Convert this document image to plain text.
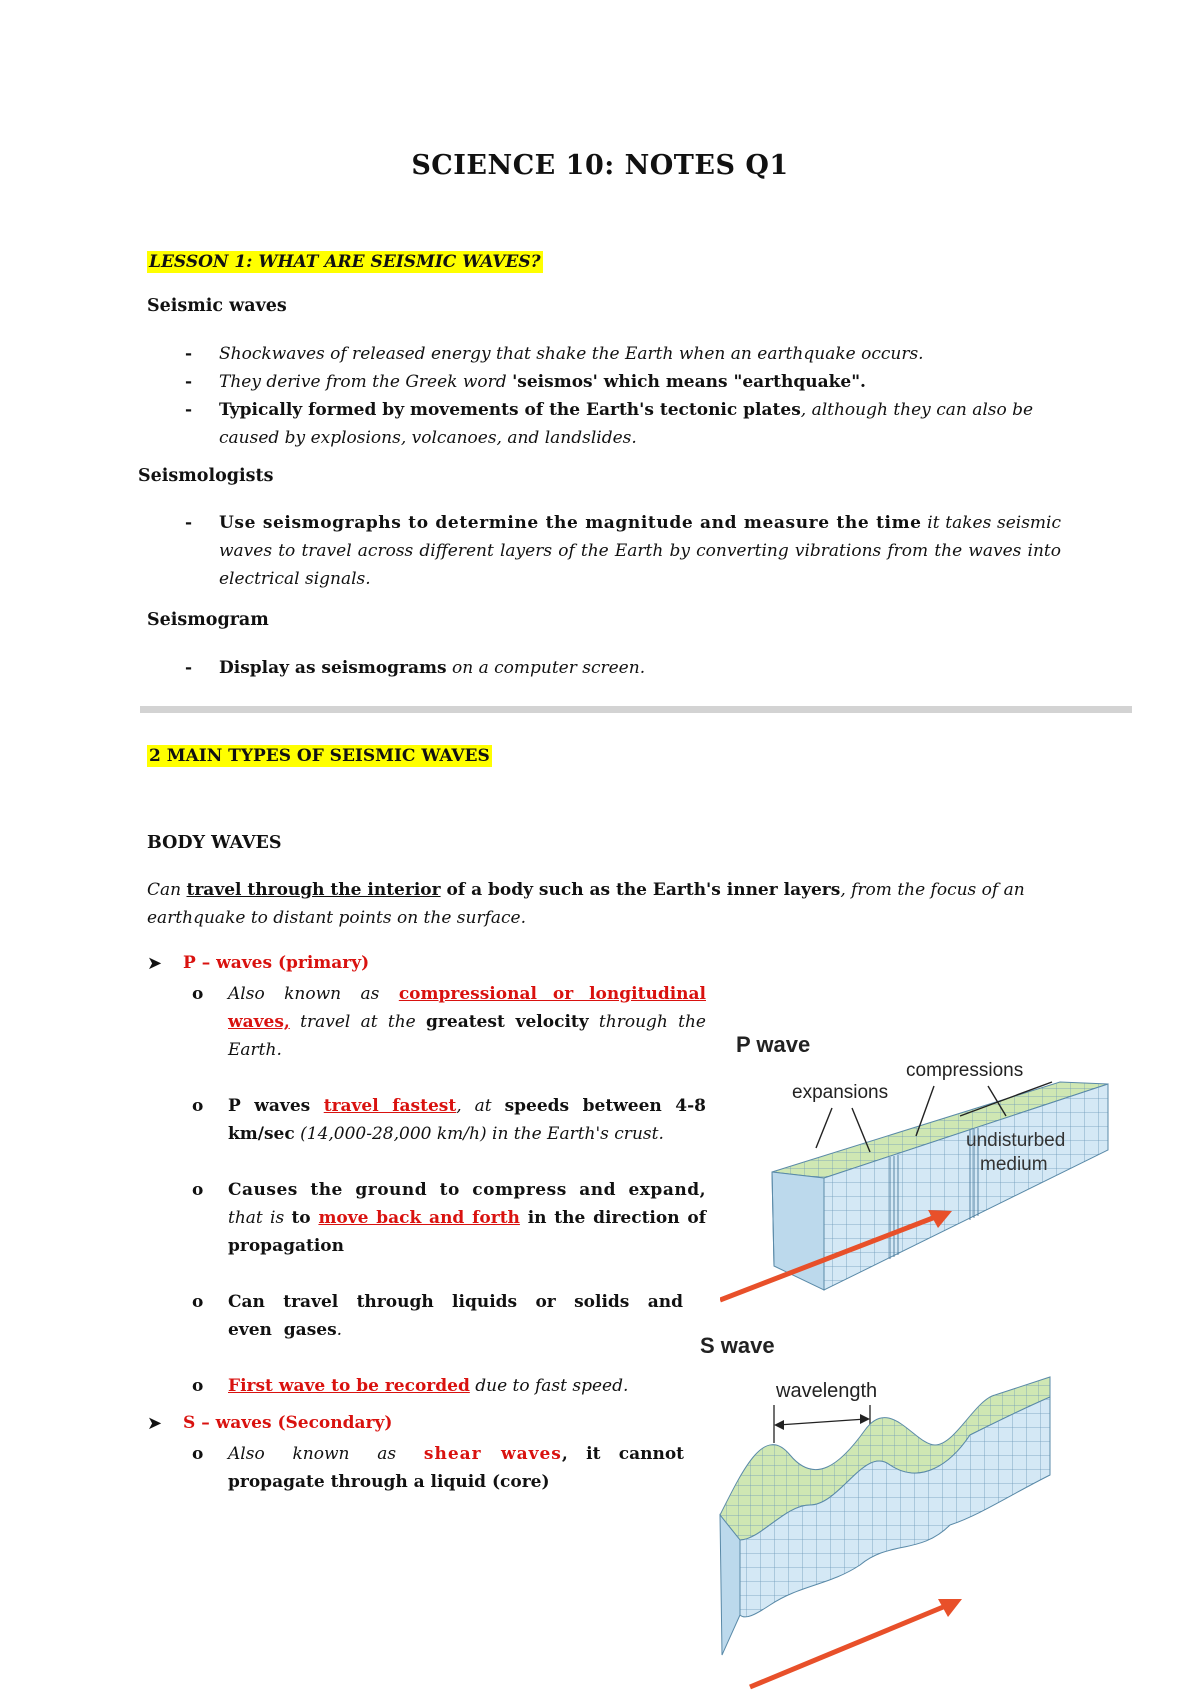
SCIENCE 10: NOTES Q1
LESSON 1: WHAT ARE SEISMIC WAVES?
Seismic waves
- Shockwaves of released energy that shake the Earth when an earthquake occurs.
- They derive from the Greek word 'seismos' which means "earthquake".
- Typically formed by movements of the Earth's tectonic plates, although they can also be caused by explosions, volcanoes, and landslides.
Seismologists
- Use seismographs to determine the magnitude and measure the time it takes seismic waves to travel across different layers of the Earth by converting vibrations from the waves into electrical signals.
Seismogram
- Display as seismograms on a computer screen.
2 MAIN TYPES OF SEISMIC WAVES
BODY WAVES
Can travel through the interior of a body such as the Earth's inner layers, from the focus of an earthquake to distant points on the surface.
➤ P – waves (primary)
o Also known as compressional or longitudinal waves, travel at the greatest velocity through the Earth.
o P waves travel fastest, at speeds between 4-8 km/sec (14,000-28,000 km/h) in the Earth's crust.
o Causes the ground to compress and expand, that is to move back and forth in the direction of propagation
o Can travel through liquids or solids and even gases.
o First wave to be recorded due to fast speed.
➤ S – waves (Secondary)
o Also known as shear waves, it cannot propagate through a liquid (core)
P wave
expansions
compressions
undisturbed
medium
S wave
wavelength
